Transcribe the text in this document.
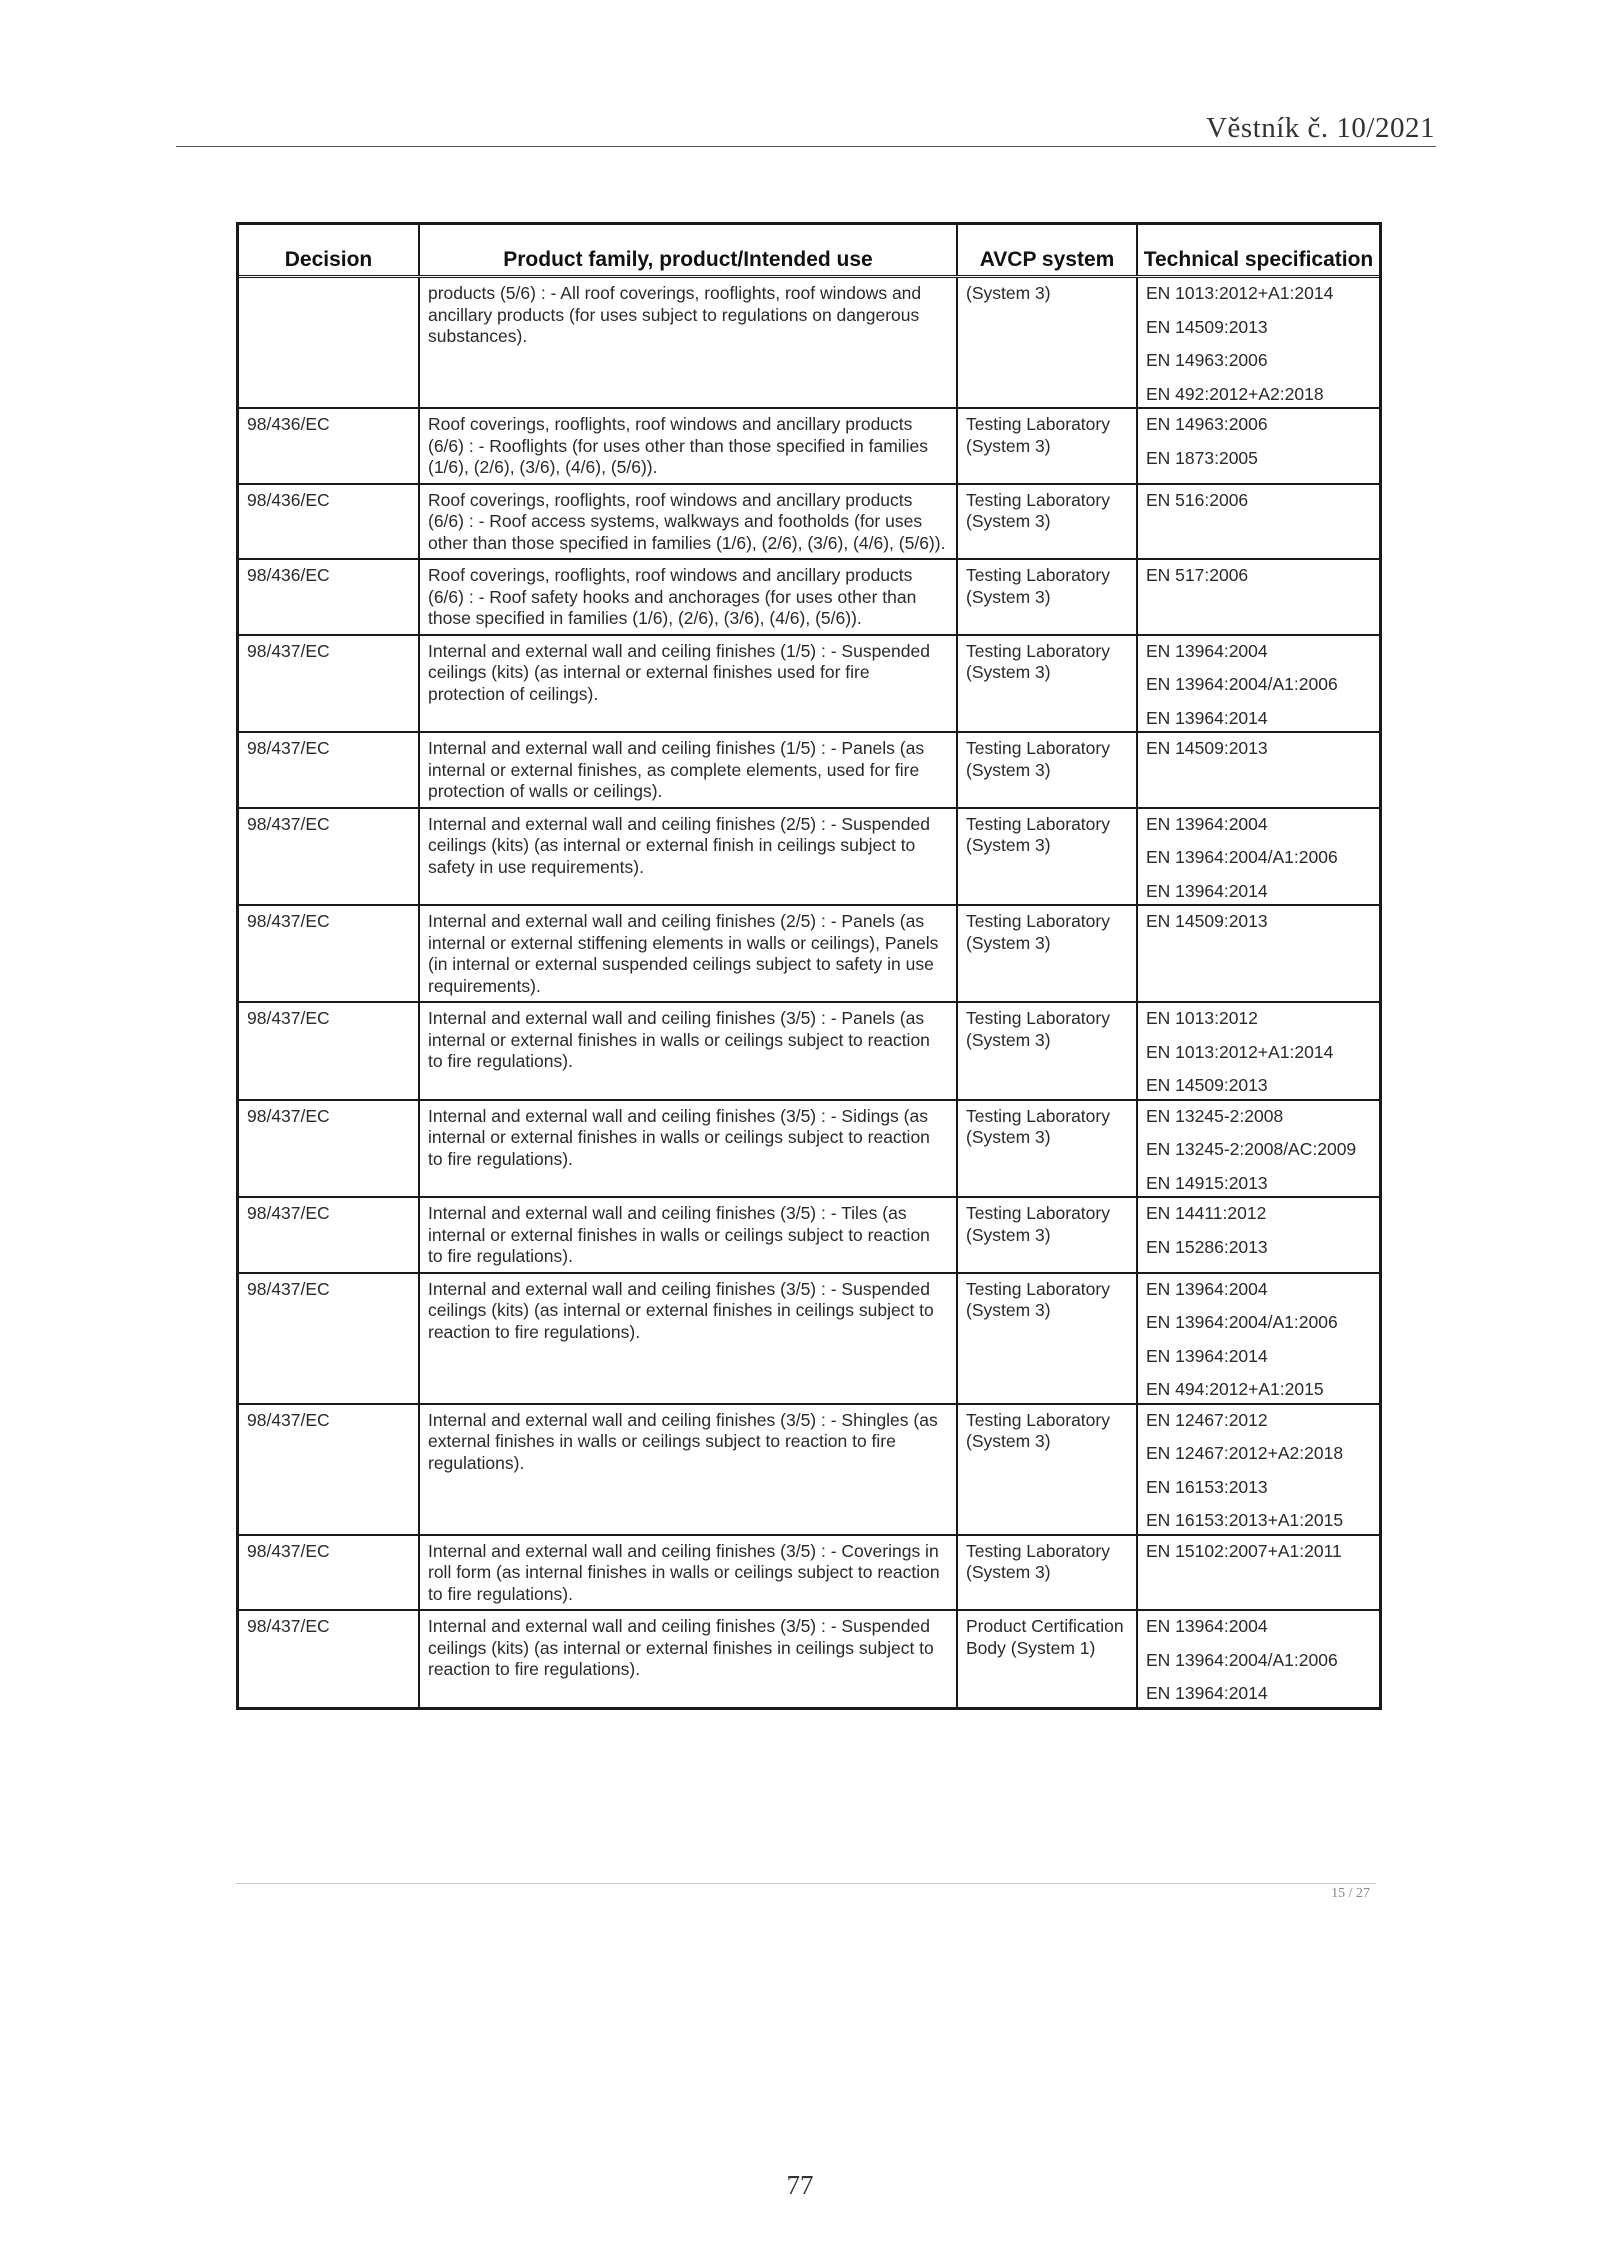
Věstník č. 10/2021
Decision	Product family, product/Intended use	AVCP system	Technical specification
	products (5/6) : - All roof coverings, rooflights, roof windows and ancillary products (for uses subject to regulations on dangerous substances).	(System 3)	EN 1013:2012+A1:2014
EN 14509:2013
EN 14963:2006
EN 492:2012+A2:2018

98/436/EC	Roof coverings, rooflights, roof windows and ancillary products (6/6) : - Rooflights (for uses other than those specified in families (1/6), (2/6), (3/6), (4/6), (5/6)).	Testing Laboratory (System 3)	EN 14963:2006
EN 1873:2005

98/436/EC	Roof coverings, rooflights, roof windows and ancillary products (6/6) : - Roof access systems, walkways and footholds (for uses other than those specified in families (1/6), (2/6), (3/6), (4/6), (5/6)).	Testing Laboratory (System 3)	EN 516:2006

98/436/EC	Roof coverings, rooflights, roof windows and ancillary products (6/6) : - Roof safety hooks and anchorages (for uses other than those specified in families (1/6), (2/6), (3/6), (4/6), (5/6)).	Testing Laboratory (System 3)	EN 517:2006

98/437/EC	Internal and external wall and ceiling finishes (1/5) : - Suspended ceilings (kits) (as internal or external finishes used for fire protection of ceilings).	Testing Laboratory (System 3)	EN 13964:2004
EN 13964:2004/A1:2006
EN 13964:2014

98/437/EC	Internal and external wall and ceiling finishes (1/5) : - Panels (as internal or external finishes, as complete elements, used for fire protection of walls or ceilings).	Testing Laboratory (System 3)	EN 14509:2013

98/437/EC	Internal and external wall and ceiling finishes (2/5) : - Suspended ceilings (kits) (as internal or external finish in ceilings subject to safety in use requirements).	Testing Laboratory (System 3)	EN 13964:2004
EN 13964:2004/A1:2006
EN 13964:2014

98/437/EC	Internal and external wall and ceiling finishes (2/5) : - Panels (as internal or external stiffening elements in walls or ceilings), Panels (in internal or external suspended ceilings subject to safety in use requirements).	Testing Laboratory (System 3)	EN 14509:2013

98/437/EC	Internal and external wall and ceiling finishes (3/5) : - Panels (as internal or external finishes in walls or ceilings subject to reaction to fire regulations).	Testing Laboratory (System 3)	EN 1013:2012
EN 1013:2012+A1:2014
EN 14509:2013

98/437/EC	Internal and external wall and ceiling finishes (3/5) : - Sidings (as internal or external finishes in walls or ceilings subject to reaction to fire regulations).	Testing Laboratory (System 3)	EN 13245-2:2008
EN 13245-2:2008/AC:2009
EN 14915:2013

98/437/EC	Internal and external wall and ceiling finishes (3/5) : - Tiles (as internal or external finishes in walls or ceilings subject to reaction to fire regulations).	Testing Laboratory (System 3)	EN 14411:2012
EN 15286:2013

98/437/EC	Internal and external wall and ceiling finishes (3/5) : - Suspended ceilings (kits) (as internal or external finishes in ceilings subject to reaction to fire regulations).	Testing Laboratory (System 3)	EN 13964:2004
EN 13964:2004/A1:2006
EN 13964:2014
EN 494:2012+A1:2015

98/437/EC	Internal and external wall and ceiling finishes (3/5) : - Shingles (as external finishes in walls or ceilings subject to reaction to fire regulations).	Testing Laboratory (System 3)	EN 12467:2012
EN 12467:2012+A2:2018
EN 16153:2013
EN 16153:2013+A1:2015

98/437/EC	Internal and external wall and ceiling finishes (3/5) : - Coverings in roll form (as internal finishes in walls or ceilings subject to reaction to fire regulations).	Testing Laboratory (System 3)	EN 15102:2007+A1:2011

98/437/EC	Internal and external wall and ceiling finishes (3/5) : - Suspended ceilings (kits) (as internal or external finishes in ceilings subject to reaction to fire regulations).	Product Certification Body (System 1)	EN 13964:2004
EN 13964:2004/A1:2006
EN 13964:2014
15 / 27
77
